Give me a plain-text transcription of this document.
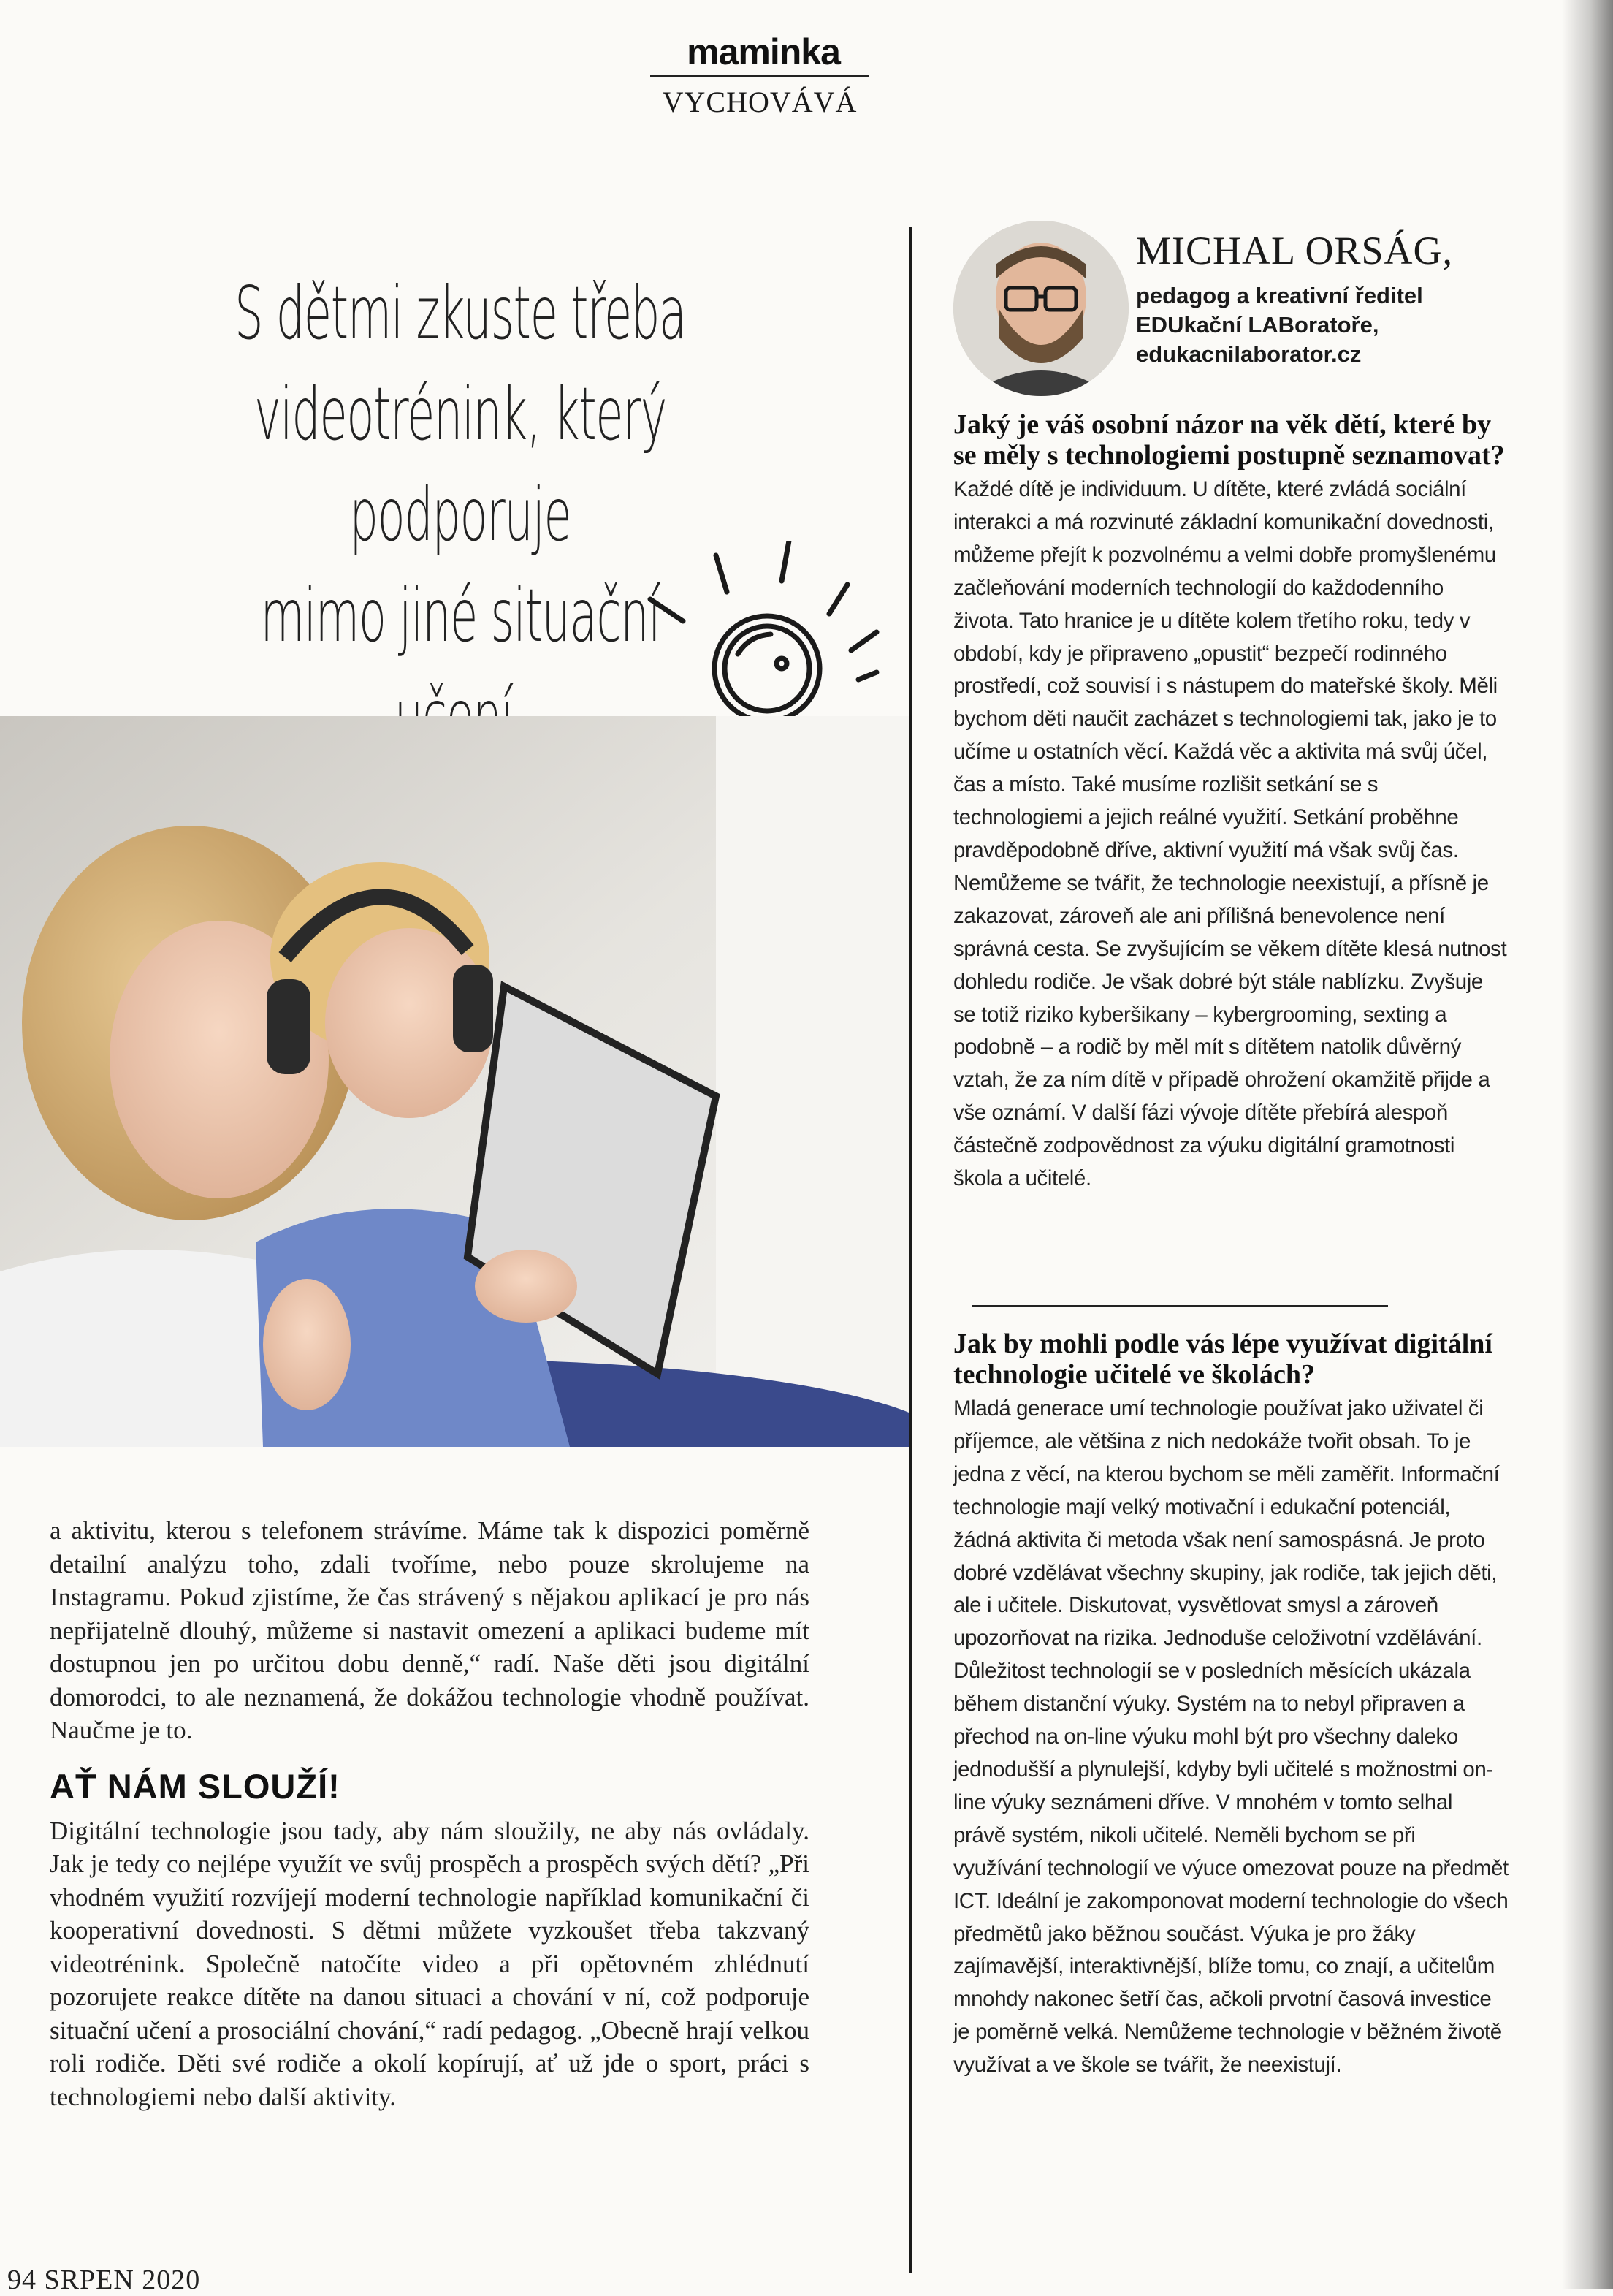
maminka
VYCHOVÁVÁ
S dětmi zkuste třeba
videotrénink, který podporuje
mimo jiné situační

a aktivitu, kterou s telefonem strávíme. Máme tak k dispozici poměrně detailní analýzu toho, zdali tvoříme, nebo pouze skrolujeme na Instagramu. Pokud zjistíme, že čas strávený s nějakou aplikací je pro nás nepřijatelně dlouhý, můžeme si nastavit omezení a aplikaci budeme mít dostupnou jen po určitou dobu denně,“ radí. Naše děti jsou digitální domorodci, to ale neznamená, že dokážou technologie vhodně používat. Naučme je to.

AŤ NÁM SLOUŽÍ!

Digitální technologie jsou tady, aby nám sloužily, ne aby nás ovládaly. Jak je tedy co nejlépe využít ve svůj prospěch a prospěch svých dětí? „Při vhodném využití rozvíjejí moderní technologie například komunikační či kooperativní dovednosti. S dětmi můžete vyzkoušet třeba takzvaný videotrénink. Společně natočíte video a při opětovném zhlédnutí pozorujete reakce dítěte na danou situaci a chování v ní, což podporuje situační učení a prosociální chování,“ radí pedagog. „Obecně hrají velkou roli rodiče. Děti své rodiče a okolí kopírují, ať už jde o sport, práci s technologiemi nebo další aktivity.

94 SRPEN 2020
MICHAL ORSÁG,
pedagog a kreativní ředitel
EDUkační LABoratoře,
edukacnilaborator.cz
Jaký je váš osobní názor na věk dětí, které by se měly s technologiemi postupně seznamovat?

Každé dítě je individuum. U dítěte, které zvládá sociální interakci a má rozvinuté základní komunikační dovednosti, můžeme přejít k pozvolnému a velmi dobře promyšlenému začleňování moderních technologií do každodenního života. Tato hranice je u dítěte kolem třetího roku, tedy v období, kdy je připraveno „opustit“ bezpečí rodinného prostředí, což souvisí i s nástupem do mateřské školy. Měli bychom děti naučit zacházet s technologiemi tak, jako je to učíme u ostatních věcí. Každá věc a aktivita má svůj účel, čas a místo. Také musíme rozlišit setkání se s technologiemi a jejich reálné využití. Setkání proběhne pravděpodobně dříve, aktivní využití má však svůj čas. Nemůžeme se tvářit, že technologie neexistují, a přísně je zakazovat, zároveň ale ani přílišná benevolence není správná cesta. Se zvyšujícím se věkem dítěte klesá nutnost dohledu rodiče. Je však dobré být stále nablízku. Zvyšuje se totiž riziko kyberšikany – kybergrooming, sexting a podobně – a rodič by měl mít s dítětem natolik důvěrný vztah, že za ním dítě v případě ohrožení okamžitě přijde a vše oznámí. V další fázi vývoje dítěte přebírá alespoň částečně zodpovědnost za výuku digitální gramotnosti škola a učitelé.

Jak by mohli podle vás lépe využívat digitální technologie učitelé ve školách?

Mladá generace umí technologie používat jako uživatel či příjemce, ale většina z nich nedokáže tvořit obsah. To je jedna z věcí, na kterou bychom se měli zaměřit. Informační technologie mají velký motivační i edukační potenciál, žádná aktivita či metoda však není samospásná. Je proto dobré vzdělávat všechny skupiny, jak rodiče, tak jejich děti, ale i učitele. Diskutovat, vysvětlovat smysl a zároveň upozorňovat na rizika. Jednoduše celoživotní vzdělávání. Důležitost technologií se v posledních měsících ukázala během distanční výuky. Systém na to nebyl připraven a přechod na on-line výuku mohl být pro všechny daleko jednodušší a plynulejší, kdyby byli učitelé s možnostmi on-line výuky seznámeni dříve. V mnohém v tomto selhal právě systém, nikoli učitelé. Neměli bychom se při využívání technologií ve výuce omezovat pouze na předmět ICT. Ideální je zakomponovat moderní technologie do všech předmětů jako běžnou součást. Výuka je pro žáky zajímavější, interaktivnější, blíže tomu, co znají, a učitelům mnohdy nakonec šetří čas, ačkoli prvotní časová investice je poměrně velká. Nemůžeme technologie v běžném životě využívat a ve škole se tvářit, že neexistují.
